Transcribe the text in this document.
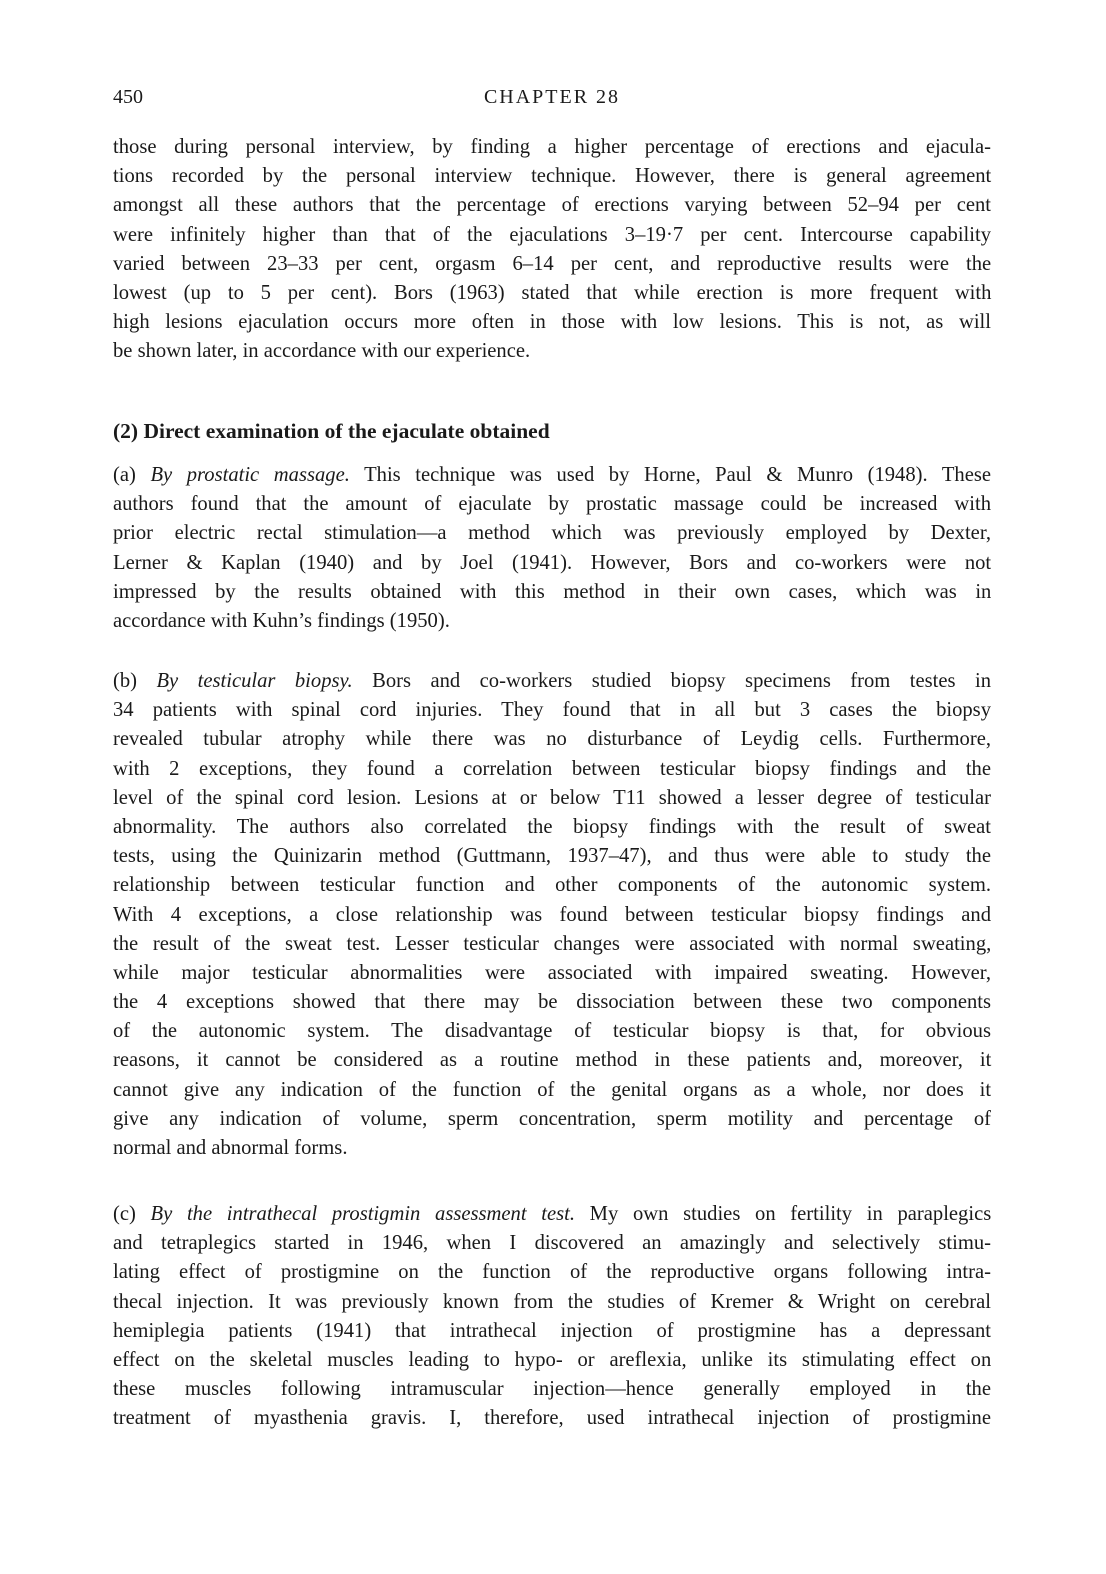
450	CHAPTER 28
those during personal interview, by finding a higher percentage of erections and ejacula-
tions recorded by the personal interview technique. However, there is general agreement
amongst all these authors that the percentage of erections varying between 52–94 per cent
were infinitely higher than that of the ejaculations 3–19·7 per cent. Intercourse capability
varied between 23–33 per cent, orgasm 6–14 per cent, and reproductive results were the
lowest (up to 5 per cent). Bors (1963) stated that while erection is more frequent with
high lesions ejaculation occurs more often in those with low lesions. This is not, as will
be shown later, in accordance with our experience.
(2) Direct examination of the ejaculate obtained
(a) By prostatic massage. This technique was used by Horne, Paul & Munro (1948). These
authors found that the amount of ejaculate by prostatic massage could be increased with
prior electric rectal stimulation—a method which was previously employed by Dexter,
Lerner & Kaplan (1940) and by Joel (1941). However, Bors and co-workers were not
impressed by the results obtained with this method in their own cases, which was in
accordance with Kuhn’s findings (1950).
(b) By testicular biopsy. Bors and co-workers studied biopsy specimens from testes in
34 patients with spinal cord injuries. They found that in all but 3 cases the biopsy
revealed tubular atrophy while there was no disturbance of Leydig cells. Furthermore,
with 2 exceptions, they found a correlation between testicular biopsy findings and the
level of the spinal cord lesion. Lesions at or below T11 showed a lesser degree of testicular
abnormality. The authors also correlated the biopsy findings with the result of sweat
tests, using the Quinizarin method (Guttmann, 1937–47), and thus were able to study the
relationship between testicular function and other components of the autonomic system.
With 4 exceptions, a close relationship was found between testicular biopsy findings and
the result of the sweat test. Lesser testicular changes were associated with normal sweating,
while major testicular abnormalities were associated with impaired sweating. However,
the 4 exceptions showed that there may be dissociation between these two components
of the autonomic system. The disadvantage of testicular biopsy is that, for obvious
reasons, it cannot be considered as a routine method in these patients and, moreover, it
cannot give any indication of the function of the genital organs as a whole, nor does it
give any indication of volume, sperm concentration, sperm motility and percentage of
normal and abnormal forms.
(c) By the intrathecal prostigmin assessment test. My own studies on fertility in paraplegics
and tetraplegics started in 1946, when I discovered an amazingly and selectively stimu-
lating effect of prostigmine on the function of the reproductive organs following intra-
thecal injection. It was previously known from the studies of Kremer & Wright on cerebral
hemiplegia patients (1941) that intrathecal injection of prostigmine has a depressant
effect on the skeletal muscles leading to hypo- or areflexia, unlike its stimulating effect on
these muscles following intramuscular injection—hence generally employed in the
treatment of myasthenia gravis. I, therefore, used intrathecal injection of prostigmine
